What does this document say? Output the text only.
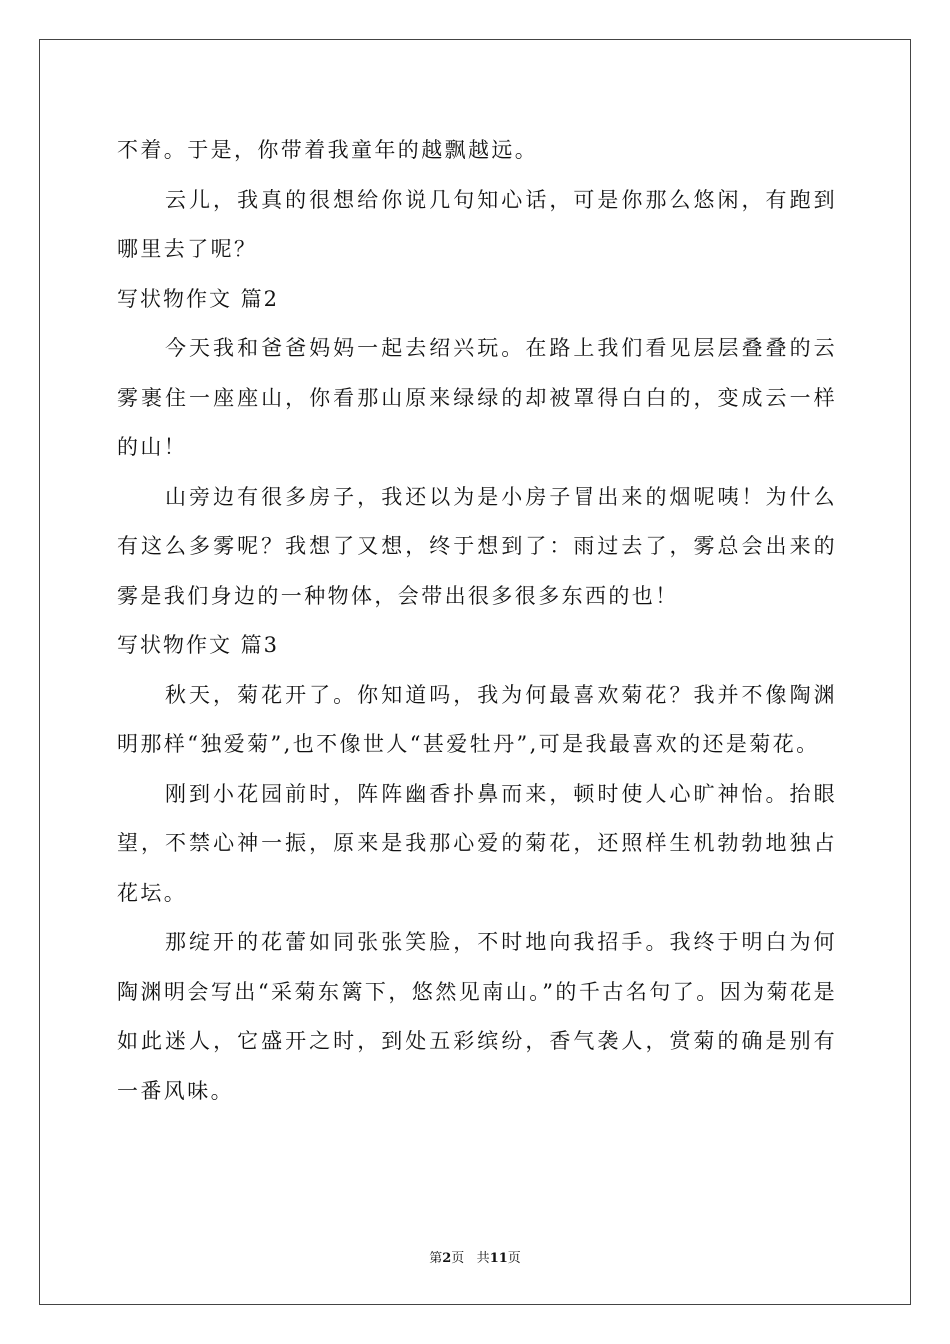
不着。于是，你带着我童年的越飘越远。

云儿，我真的很想给你说几句知心话，可是你那么悠闲，有跑到哪里去了呢？

写状物作文 篇2

今天我和爸爸妈妈一起去绍兴玩。在路上我们看见层层叠叠的云雾裹住一座座山，你看那山原来绿绿的却被罩得白白的，变成云一样的山！

山旁边有很多房子，我还以为是小房子冒出来的烟呢咦！为什么有这么多雾呢？我想了又想，终于想到了：雨过去了，雾总会出来的雾是我们身边的一种物体，会带出很多很多东西的也！

写状物作文 篇3

秋天，菊花开了。你知道吗，我为何最喜欢菊花？我并不像陶渊明那样“独爱菊”,也不像世人“甚爱牡丹”,可是我最喜欢的还是菊花。

刚到小花园前时，阵阵幽香扑鼻而来，顿时使人心旷神怡。抬眼望，不禁心神一振，原来是我那心爱的菊花，还照样生机勃勃地独占花坛。

那绽开的花蕾如同张张笑脸，不时地向我招手。我终于明白为何陶渊明会写出“采菊东篱下，悠然见南山。”的千古名句了。因为菊花是如此迷人，它盛开之时，到处五彩缤纷，香气袭人，赏菊的确是别有一番风味。

第2页 共11页
